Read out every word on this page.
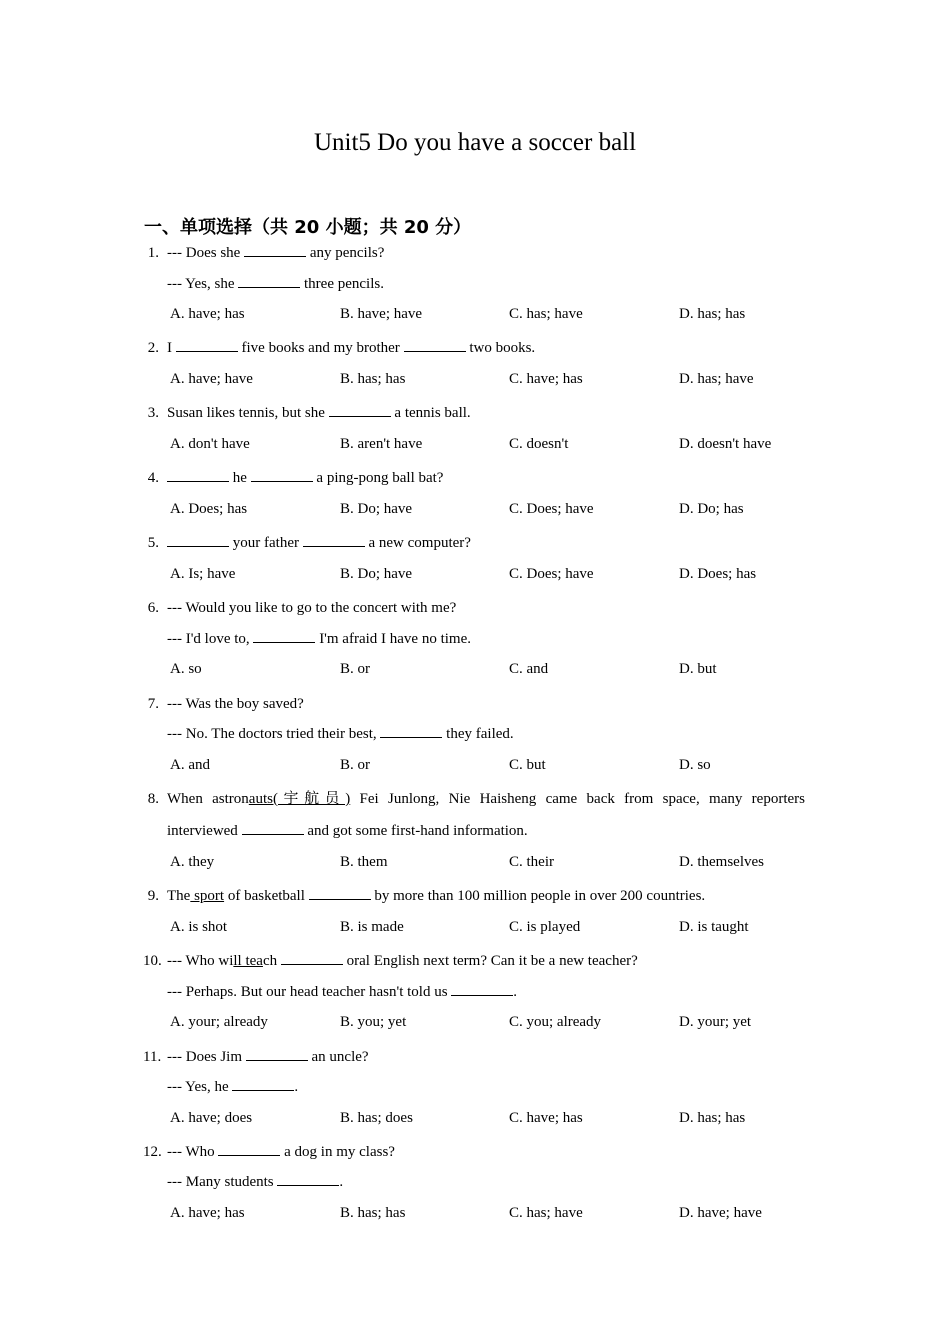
Unit5 Do you have a soccer ball
一、单项选择（共 20 小题；共 20 分）
1. --- Does she	any pencils?
--- Yes, she	three pencils.
A. have; has	B. have; have	C. has; have	D. has; has
2. I	five books and my brother	two books.
A. have; have	B. has; has	C. have; has	D. has; have
3. Susan likes tennis, but she	a tennis ball.
A. don't have	B. aren't have	C. doesn't	D. doesn't have
4.	he	a ping-pong ball bat?
A. Does; has	B. Do; have	C. Does; have	D. Do; has
5.	your father	a new computer?
A. Is; have	B. Do; have	C. Does; have	D. Does; has
6. --- Would you like to go to the concert with me?
--- I'd love to,	I'm afraid I have no time.
A. so	B. or	C. and	D. but
7. --- Was the boy saved?
--- No. The doctors tried their best,	they failed.
A. and	B. or	C. but	D. so
8. When astronauts(宇航员) Fei Junlong, Nie Haisheng came back from space, many reporters
interviewed	and got some first-hand information.
A. they	B. them	C. their	D. themselves
9. The sport of basketball	by more than 100 million people in over 200 countries.
A. is shot	B. is made	C. is played	D. is taught
10. --- Who will teach	oral English next term? Can it be a new teacher?
--- Perhaps. But our head teacher hasn't told us	.
A. your; already	B. you; yet	C. you; already	D. your; yet
11. --- Does Jim	an uncle?
--- Yes, he	.
A. have; does	B. has; does	C. have; has	D. has; has
12. --- Who	a dog in my class?
--- Many students	.
A. have; has	B. has; has	C. has; have	D. have; have
